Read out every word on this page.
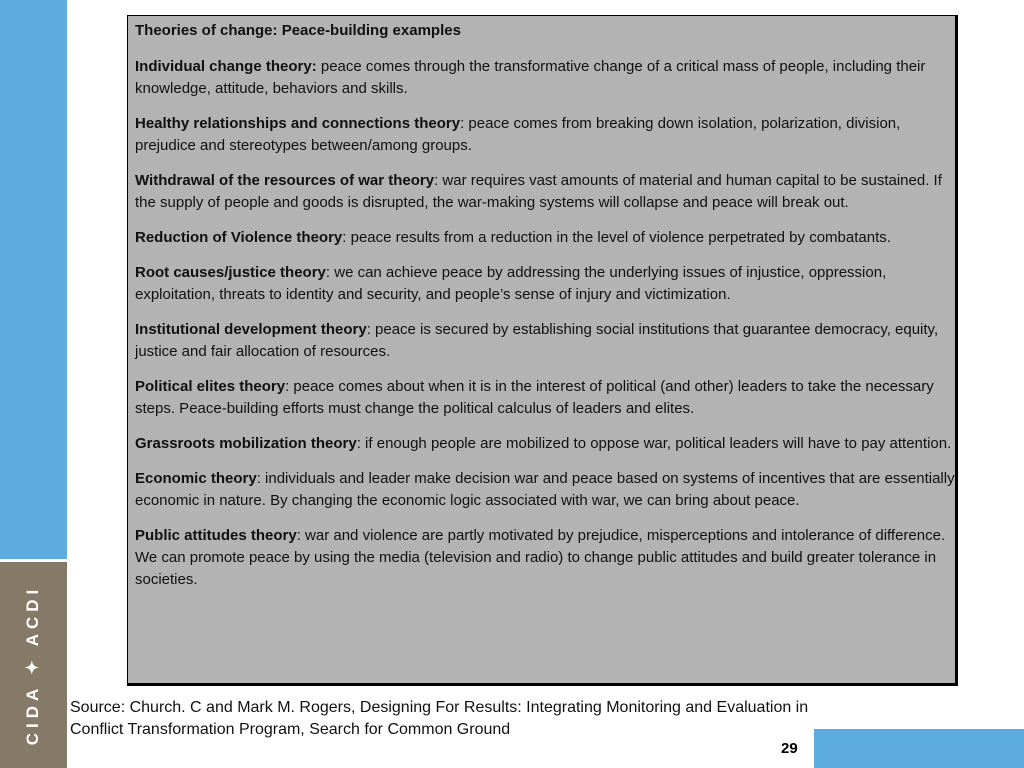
CIDA ✦ ACDI

Theories of change: Peace-building examples

Individual change theory: peace comes through the transformative change of a critical mass of people, including their knowledge, attitude, behaviors and skills.

Healthy relationships and connections theory: peace comes from breaking down isolation, polarization, division, prejudice and stereotypes between/among groups.

Withdrawal of the resources of war theory: war requires vast amounts of material and human capital to be sustained. If the supply of people and goods is disrupted, the war-making systems will collapse and peace will break out.

Reduction of Violence theory: peace results from a reduction in the level of violence perpetrated by combatants.

Root causes/justice theory: we can achieve peace by addressing the underlying issues of injustice, oppression, exploitation, threats to identity and security, and people’s sense of injury and victimization.

Institutional development theory: peace is secured by establishing social institutions that guarantee democracy, equity, justice and fair allocation of resources.

Political elites theory: peace comes about when it is in the interest of political (and other) leaders to take the necessary steps. Peace-building efforts must change the political calculus of leaders and elites.

Grassroots mobilization theory: if enough people are mobilized to oppose war, political leaders will have to pay attention.

Economic theory: individuals and leader make decision war and peace based on systems of incentives that are essentially economic in nature. By changing the economic logic associated with war, we can bring about peace.

Public attitudes theory: war and violence are partly motivated by prejudice, misperceptions and intolerance of difference. We can promote peace by using the media (television and radio) to change public attitudes and build greater tolerance in societies.

Source: Church. C and Mark M. Rogers, Designing For Results: Integrating Monitoring and Evaluation in Conflict Transformation Program, Search for Common Ground
29
